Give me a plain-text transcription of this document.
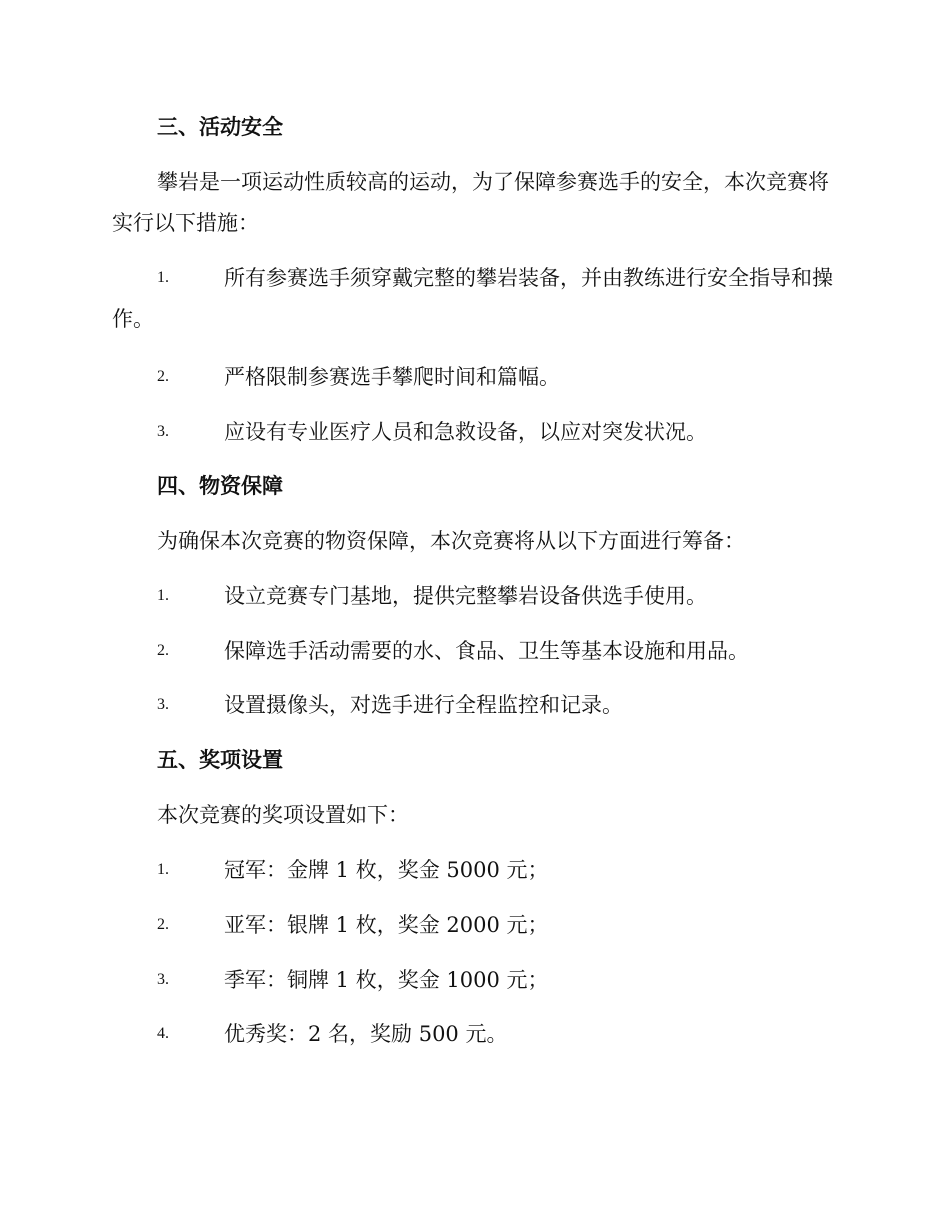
三、活动安全
攀岩是一项运动性质较高的运动，为了保障参赛选手的安全，本次竞赛将实行以下措施：
1.	所有参赛选手须穿戴完整的攀岩装备，并由教练进行安全指导和操作。
2.	严格限制参赛选手攀爬时间和篇幅。
3.	应设有专业医疗人员和急救设备，以应对突发状况。
四、物资保障
为确保本次竞赛的物资保障，本次竞赛将从以下方面进行筹备：
1.	设立竞赛专门基地，提供完整攀岩设备供选手使用。
2.	保障选手活动需要的水、食品、卫生等基本设施和用品。
3.	设置摄像头，对选手进行全程监控和记录。
五、奖项设置
本次竞赛的奖项设置如下：
1.	冠军：金牌 1 枚，奖金 5000 元；
2.	亚军：银牌 1 枚，奖金 2000 元；
3.	季军：铜牌 1 枚，奖金 1000 元；
4.	优秀奖：2 名，奖励 500 元。
